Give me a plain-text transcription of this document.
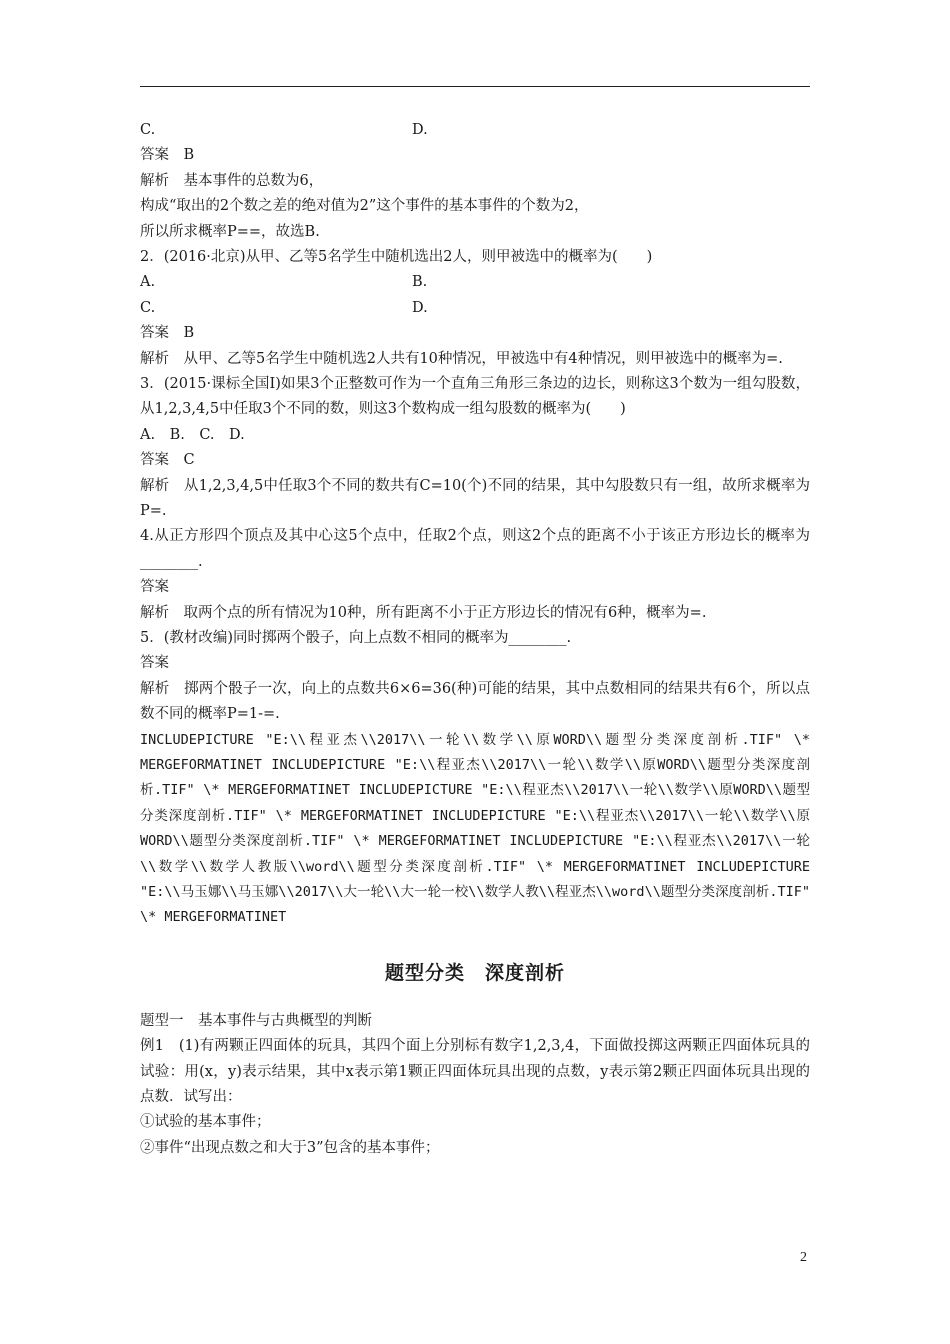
C.	D.
答案　B
解析　基本事件的总数为6，
构成“取出的2个数之差的绝对值为2”这个事件的基本事件的个数为2，
所以所求概率P==，故选B.
2．(2016·北京)从甲、乙等5名学生中随机选出2人，则甲被选中的概率为(　　)
A.	B.
C.	D.
答案　B
解析　从甲、乙等5名学生中随机选2人共有10种情况，甲被选中有4种情况，则甲被选中的概率为=.
3．(2015·课标全国Ⅰ)如果3个正整数可作为一个直角三角形三条边的边长，则称这3个数为一组勾股数，从1,2,3,4,5中任取3个不同的数，则这3个数构成一组勾股数的概率为(　　)
A.　B.　C.　D.
答案　C
解析　从1,2,3,4,5中任取3个不同的数共有C=10(个)不同的结果，其中勾股数只有一组，故所求概率为P=.
4.从正方形四个顶点及其中心这5个点中，任取2个点，则这2个点的距离不小于该正方形边长的概率为________.
答案
解析　取两个点的所有情况为10种，所有距离不小于正方形边长的情况有6种，概率为=.
5．(教材改编)同时掷两个骰子，向上点数不相同的概率为________.
答案
解析　掷两个骰子一次，向上的点数共6×6=36(种)可能的结果，其中点数相同的结果共有6个，所以点数不同的概率P=1-=.
INCLUDEPICTURE "E:\\程亚杰\\2017\\一轮\\数学\\原WORD\\题型分类深度剖析.TIF" \* MERGEFORMATINET INCLUDEPICTURE "E:\\程亚杰\\2017\\一轮\\数学\\原WORD\\题型分类深度剖析.TIF" \* MERGEFORMATINET INCLUDEPICTURE "E:\\程亚杰\\2017\\一轮\\数学\\原WORD\\题型分类深度剖析.TIF" \* MERGEFORMATINET INCLUDEPICTURE "E:\\程亚杰\\2017\\一轮\\数学\\原WORD\\题型分类深度剖析.TIF" \* MERGEFORMATINET INCLUDEPICTURE "E:\\程亚杰\\2017\\一轮\\数学\\数学人教版\\word\\题型分类深度剖析.TIF" \* MERGEFORMATINET INCLUDEPICTURE "E:\\马玉娜\\马玉娜\\2017\\大一轮\\大一轮一校\\数学人教\\程亚杰\\word\\题型分类深度剖析.TIF" \* MERGEFORMATINET
题型分类　深度剖析
题型一　基本事件与古典概型的判断
例1　(1)有两颗正四面体的玩具，其四个面上分别标有数字1,2,3,4，下面做投掷这两颗正四面体玩具的试验：用(x，y)表示结果，其中x表示第1颗正四面体玩具出现的点数，y表示第2颗正四面体玩具出现的点数．试写出：
①试验的基本事件；
②事件“出现点数之和大于3”包含的基本事件；
2
